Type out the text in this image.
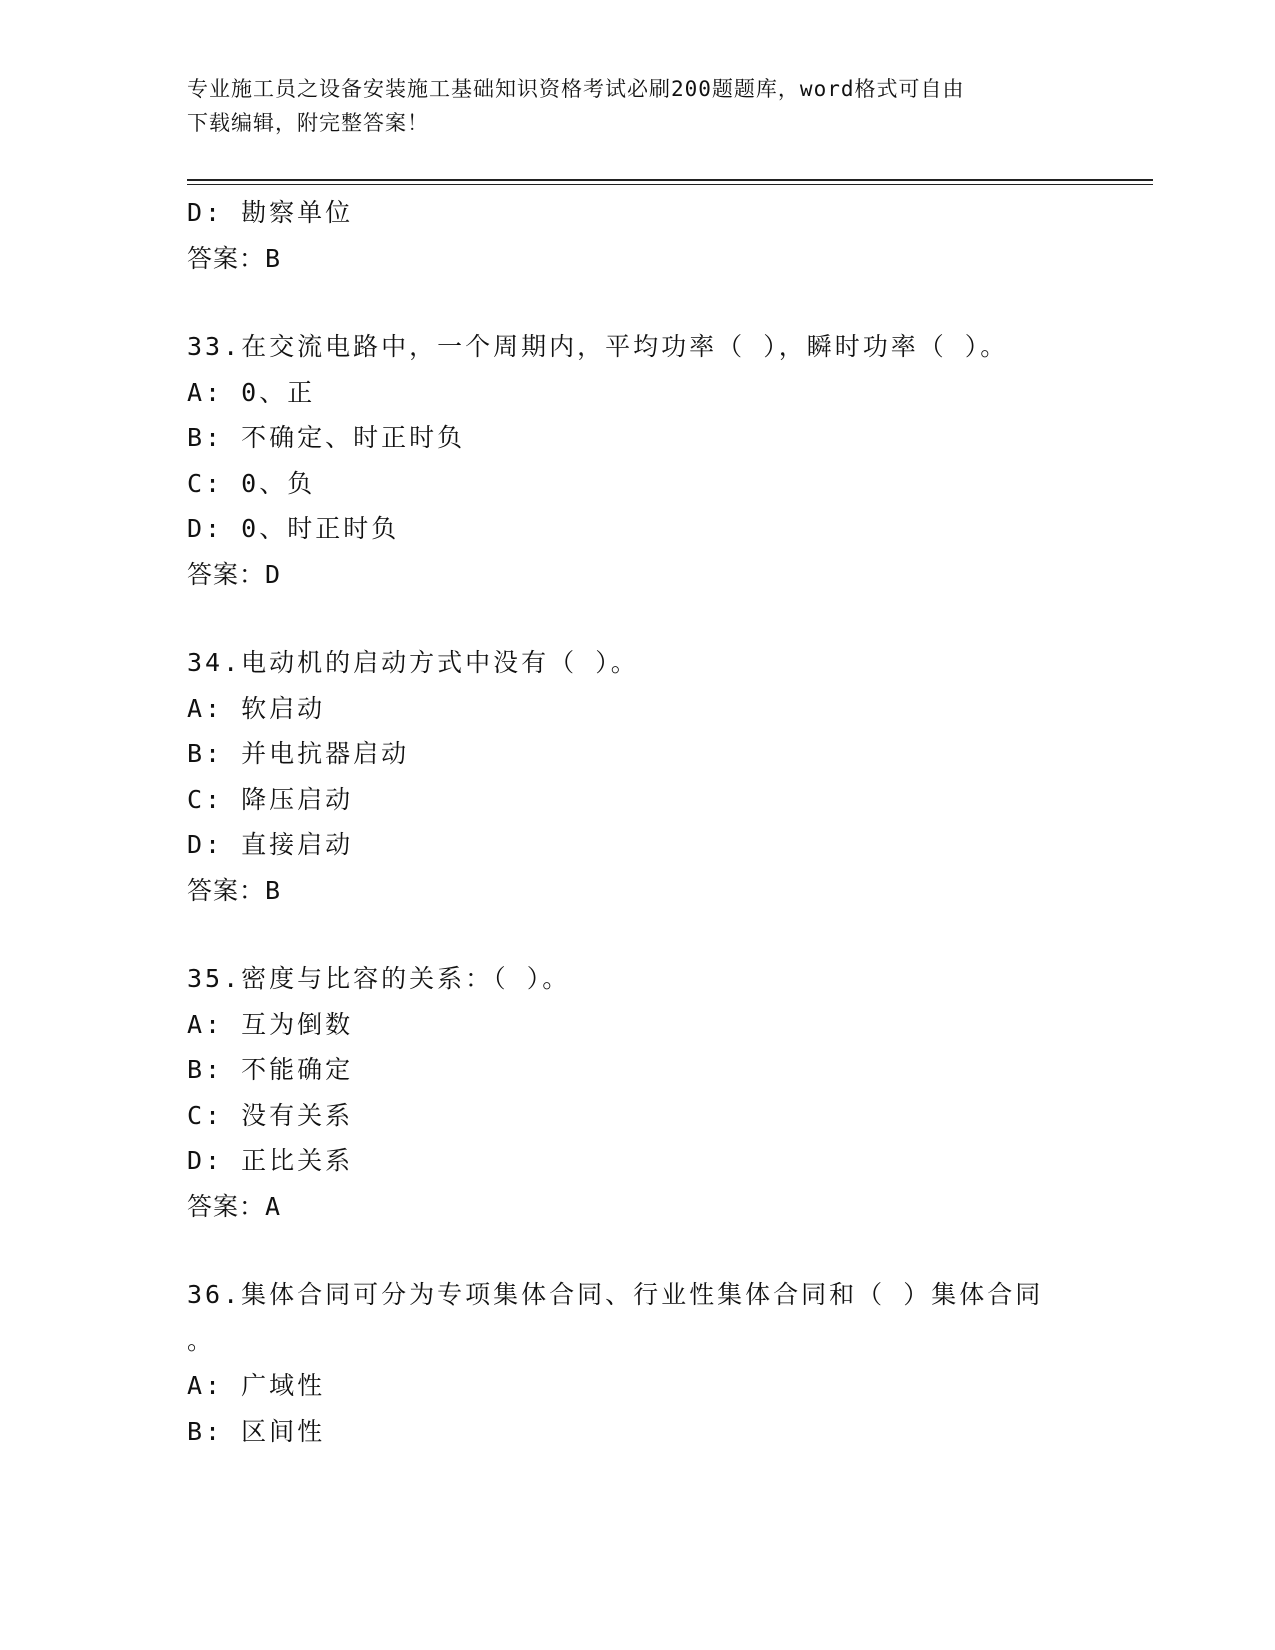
专业施工员之设备安装施工基础知识资格考试必刷200题题库，word格式可自由
下载编辑，附完整答案！
D: 勘察单位
答案：B
33.在交流电路中，一个周期内，平均功率（ ），瞬时功率（ ）。
A: 0、正
B: 不确定、时正时负
C: 0、负
D: 0、时正时负
答案：D
34.电动机的启动方式中没有（ ）。
A: 软启动
B: 并电抗器启动
C: 降压启动
D: 直接启动
答案：B
35.密度与比容的关系：（ ）。
A: 互为倒数
B: 不能确定
C: 没有关系
D: 正比关系
答案：A
36.集体合同可分为专项集体合同、行业性集体合同和（ ）集体合同
。
A: 广域性
B: 区间性
